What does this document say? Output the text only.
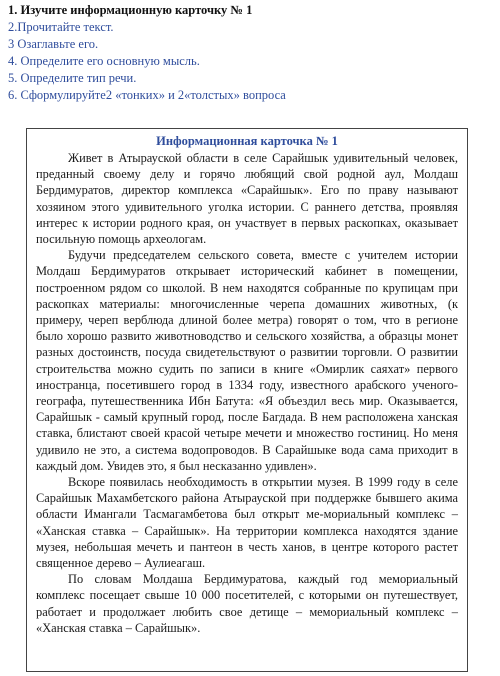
1. Изучите информационную карточку № 1
2.Прочитайте текст.
3 Озаглавьте его.
4. Определите его основную мысль.
5. Определите тип речи.
6. Сформулируйте2 «тонких» и 2«толстых» вопроса
Информационная карточка № 1

Живет в Атырауской области в селе Сарайшык удивительный человек, преданный своему делу и горячо любящий свой родной аул, Молдаш Бердимуратов, директор комплекса «Сарайшык». Его по праву называют хозяином этого удивительного уголка истории. С раннего детства, проявляя интерес к истории родного края, он участвует в первых раскопках, оказывает посильную помощь археологам.

Будучи председателем сельского совета, вместе с учителем истории Молдаш Бердимуратов открывает исторический кабинет в помещении, построенном рядом со школой. В нем находятся собранные по крупицам при раскопках материалы: многочисленные черепа домашних животных, (к примеру, череп верблюда длиной более метра) говорят о том, что в регионе было хорошо развито животноводство и сельского хозяйства, а образцы монет разных достоинств, посуда свидетельствуют о развитии торговли. О развитии строительства можно судить по записи в книге «Омирлик саяхат» первого иностранца, посетившего город в 1334 году, известного арабского ученого-географа, путешественника Ибн Батута: «Я объездил весь мир. Оказывается, Сарайшык - самый крупный город, после Багдада. В нем расположена ханская ставка, блистают своей красой четыре мечети и множество гостиниц. Но меня удивило не это, а система водопроводов. В Сарайшыке вода сама приходит в каждый дом. Увидев это, я был несказанно удивлен».

Вскоре появилась необходимость в открытии музея. В 1999 году в селе Сарайшык Махамбетского района Атырауской при поддержке бывшего акима области Имангали Тасмагамбетова был открыт ме-мориальный комплекс – «Ханская ставка – Сарайшык». На территории комплекса находятся здание музея, небольшая мечеть и пантеон в честь ханов, в центре которого растет священное дерево – Аулиеагаш.

По словам Молдаша Бердимуратова, каждый год мемориальный комплекс посещает свыше 10 000 посетителей, с которыми он путешествует, работает и продолжает любить свое детище – мемориальный комплекс – «Ханская ставка – Сарайшык».
